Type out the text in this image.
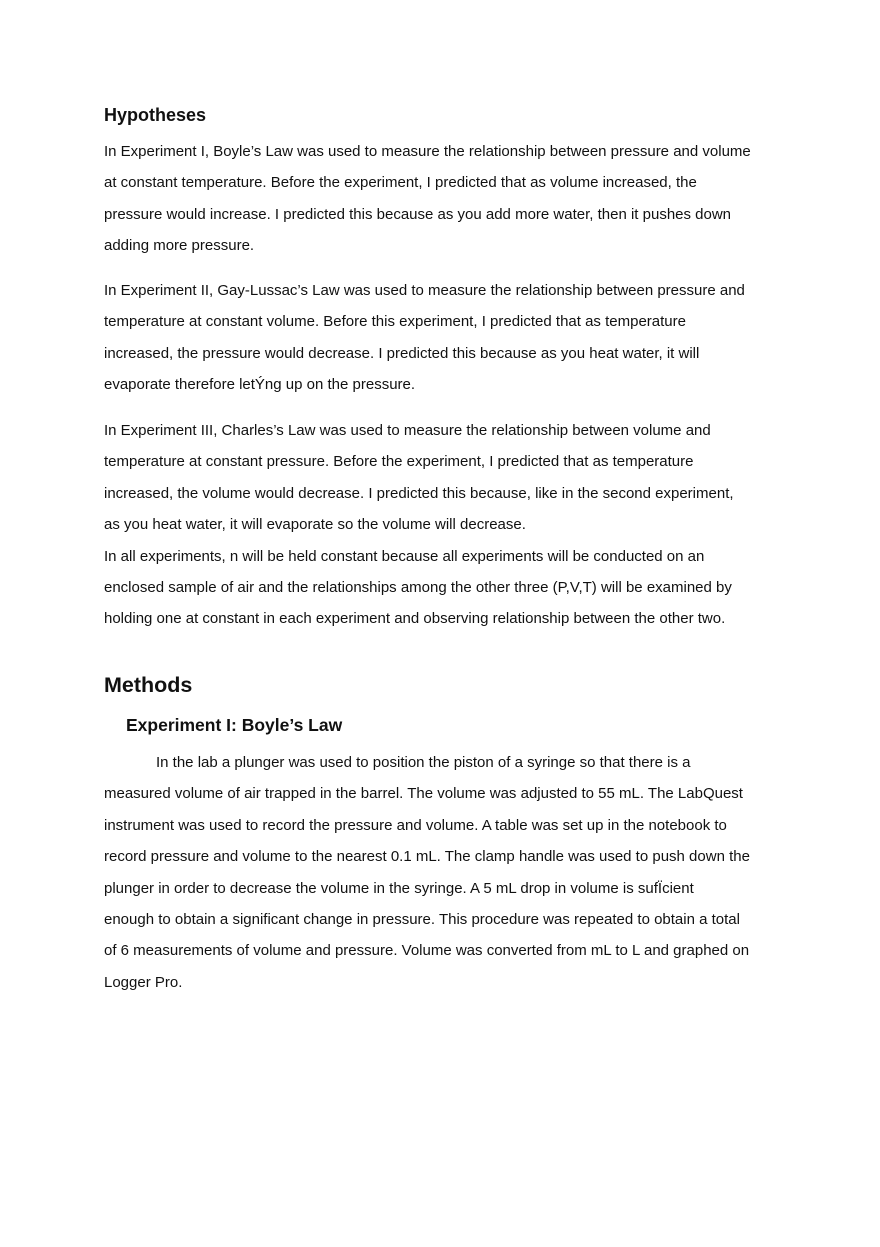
Hypotheses
In Experiment I, Boyle’s Law was used to measure the relationship between pressure and volume
at constant temperature. Before the experiment, I predicted that as volume increased, the
pressure would increase. I predicted this because as you add more water, then it pushes down
adding more pressure.
In Experiment II, Gay-Lussac’s Law was used to measure the relationship between pressure and
temperature at constant volume. Before this experiment, I predicted that as temperature
increased, the pressure would decrease. I predicted this because as you heat water, it will
evaporate therefore letÝng up on the pressure.
In Experiment III, Charles’s Law was used to measure the relationship between volume and
temperature at constant pressure. Before the experiment, I predicted that as temperature
increased, the volume would decrease. I predicted this because, like in the second experiment,
as you heat water, it will evaporate so the volume will decrease.
In all experiments, n will be held constant because all experiments will be conducted on an
enclosed sample of air and the relationships among the other three (P,V,T) will be examined by
holding one at constant in each experiment and observing relationship between the other two.
Methods
Experiment I: Boyle’s Law
In the lab a plunger was used to position the piston of a syringe so that there is a
measured volume of air trapped in the barrel. The volume was adjusted to 55 mL. The LabQuest
instrument was used to record the pressure and volume. A table was set up in the notebook to
record pressure and volume to the nearest 0.1 mL. The clamp handle was used to push down the
plunger in order to decrease the volume in the syringe. A 5 mL drop in volume is sufÏcient
enough to obtain a significant change in pressure. This procedure was repeated to obtain a total
of 6 measurements of volume and pressure. Volume was converted from mL to L and graphed on
Logger Pro.
